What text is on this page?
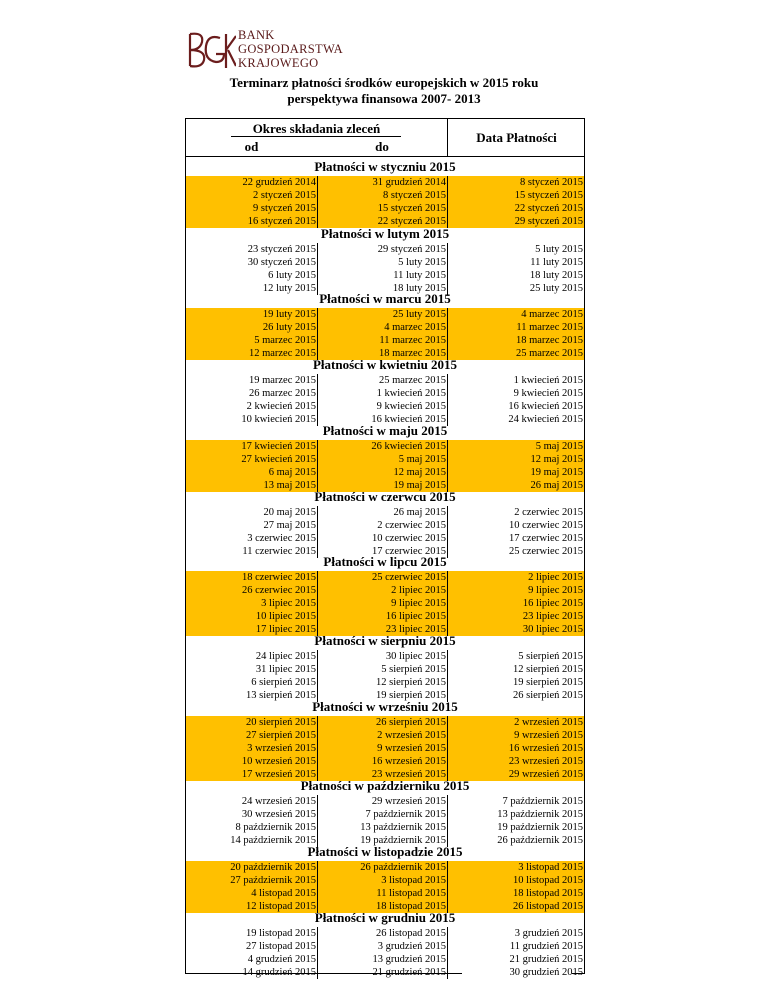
BANK
GOSPODARSTWA
KRAJOWEGO
Terminarz płatności środków europejskich w 2015 roku
perspektywa finansowa 2007- 2013
Okres składania zleceń
od	do
Data Płatności
Płatności w styczniu 2015
22 grudzień 2014	31 grudzień 2014	8 styczeń 2015
2 styczeń 2015	8 styczeń 2015	15 styczeń 2015
9 styczeń 2015	15 styczeń 2015	22 styczeń 2015
16 styczeń 2015	22 styczeń 2015	29 styczeń 2015
Płatności w lutym 2015
23 styczeń 2015	29 styczeń 2015	5 luty 2015
30 styczeń 2015	5 luty 2015	11 luty 2015
6 luty 2015	11 luty 2015	18 luty 2015
12 luty 2015	18 luty 2015	25 luty 2015
Płatności w marcu 2015
19 luty 2015	25 luty 2015	4 marzec 2015
26 luty 2015	4 marzec 2015	11 marzec 2015
5 marzec 2015	11 marzec 2015	18 marzec 2015
12 marzec 2015	18 marzec 2015	25 marzec 2015
Płatności w kwietniu 2015
19 marzec 2015	25 marzec 2015	1 kwiecień 2015
26 marzec 2015	1 kwiecień 2015	9 kwiecień 2015
2 kwiecień 2015	9 kwiecień 2015	16 kwiecień 2015
10 kwiecień 2015	16 kwiecień 2015	24 kwiecień 2015
Płatności w maju 2015
17 kwiecień 2015	26 kwiecień 2015	5 maj 2015
27 kwiecień 2015	5 maj 2015	12 maj 2015
6 maj 2015	12 maj 2015	19 maj 2015
13 maj 2015	19 maj 2015	26 maj 2015
Płatności w czerwcu 2015
20 maj 2015	26 maj 2015	2 czerwiec 2015
27 maj 2015	2 czerwiec 2015	10 czerwiec 2015
3 czerwiec 2015	10 czerwiec 2015	17 czerwiec 2015
11 czerwiec 2015	17 czerwiec 2015	25 czerwiec 2015
Płatności w lipcu 2015
18 czerwiec 2015	25 czerwiec 2015	2 lipiec 2015
26 czerwiec 2015	2 lipiec 2015	9 lipiec 2015
3 lipiec 2015	9 lipiec 2015	16 lipiec 2015
10 lipiec 2015	16 lipiec 2015	23 lipiec 2015
17 lipiec 2015	23 lipiec 2015	30 lipiec 2015
Płatności w sierpniu 2015
24 lipiec 2015	30 lipiec 2015	5 sierpień 2015
31 lipiec 2015	5 sierpień 2015	12 sierpień 2015
6 sierpień 2015	12 sierpień 2015	19 sierpień 2015
13 sierpień 2015	19 sierpień 2015	26 sierpień 2015
Płatności w wrześniu 2015
20 sierpień 2015	26 sierpień 2015	2 wrzesień 2015
27 sierpień 2015	2 wrzesień 2015	9 wrzesień 2015
3 wrzesień 2015	9 wrzesień 2015	16 wrzesień 2015
10 wrzesień 2015	16 wrzesień 2015	23 wrzesień 2015
17 wrzesień 2015	23 wrzesień 2015	29 wrzesień 2015
Płatności w październiku 2015
24 wrzesień 2015	29 wrzesień 2015	7 październik 2015
30 wrzesień 2015	7 październik 2015	13 październik 2015
8 październik 2015	13 październik 2015	19 październik 2015
14 październik 2015	19 październik 2015	26 październik 2015
Płatności w listopadzie 2015
20 październik 2015	26 październik 2015	3 listopad 2015
27 październik 2015	3 listopad 2015	10 listopad 2015
4 listopad 2015	11 listopad 2015	18 listopad 2015
12 listopad 2015	18 listopad 2015	26 listopad 2015
Płatności w grudniu 2015
19 listopad 2015	26 listopad 2015	3 grudzień 2015
27 listopad 2015	3 grudzień 2015	11 grudzień 2015
4 grudzień 2015	13 grudzień 2015	21 grudzień 2015
14 grudzień 2015	21 grudzień 2015	30 grudzień 2015
